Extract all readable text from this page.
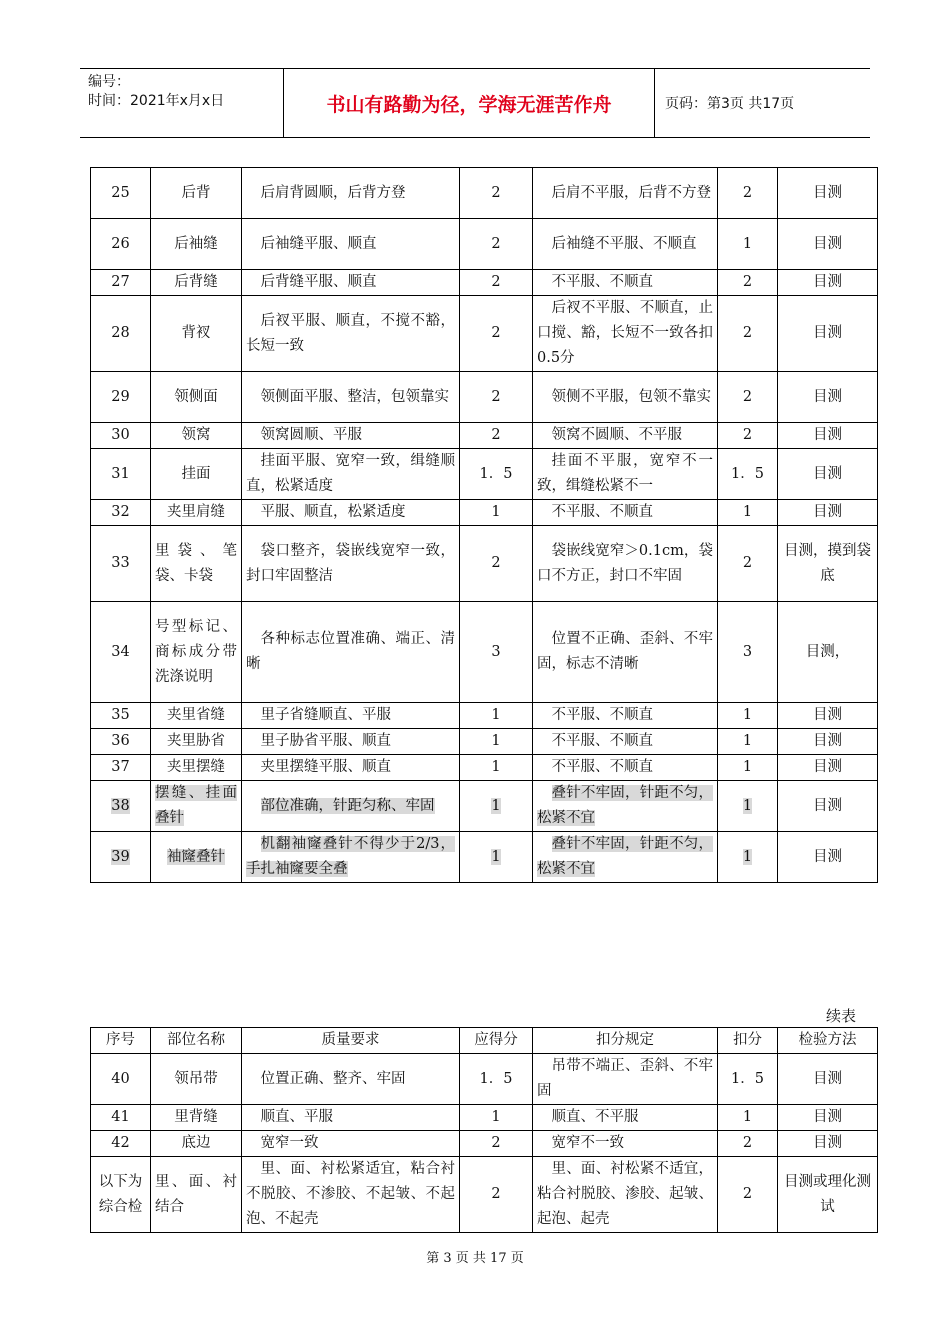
编号：
时间：2021年x月x日	书山有路勤为径，学海无涯苦作舟	页码：第3页 共17页
25	后背	后肩背圆顺，后背方登	2	后肩不平服，后背不方登	2	目测
26	后袖缝	后袖缝平服、顺直	2	后袖缝不平服、不顺直	1	目测
27	后背缝	后背缝平服、顺直	2	不平服、不顺直	2	目测
28	背衩	后衩平服、顺直，不搅不豁，长短一致	2	后衩不平服、不顺直，止口搅、豁，长短不一致各扣0.5分	2	目测
29	领侧面	领侧面平服、整洁，包领靠实	2	领侧不平服，包领不靠实	2	目测
30	领窝	领窝圆顺、平服	2	领窝不圆顺、不平服	2	目测
31	挂面	挂面平服、宽窄一致，缉缝顺直，松紧适度	1．5	挂面不平服，宽窄不一致，缉缝松紧不一	1．5	目测
32	夹里肩缝	平服、顺直，松紧适度	1	不平服、不顺直	1	目测
33	里袋、笔袋、卡袋	袋口整齐，袋嵌线宽窄一致，封口牢固整洁	2	袋嵌线宽窄＞0.1cm，袋口不方正，封口不牢固	2	目测，摸到袋底
34	号型标记、商标成分带洗涤说明	各种标志位置准确、端正、清晰	3	位置不正确、歪斜、不牢固，标志不清晰	3	目测，
35	夹里省缝	里子省缝顺直、平服	1	不平服、不顺直	1	目测
36	夹里胁省	里子胁省平服、顺直	1	不平服、不顺直	1	目测
37	夹里摆缝	夹里摆缝平服、顺直	1	不平服、不顺直	1	目测
38	摆缝、挂面叠针	部位准确，针距匀称、牢固	1	叠针不牢固，针距不匀，松紧不宜	1	目测
39	袖窿叠针	机翻袖窿叠针不得少于2/3，手扎袖窿要全叠	1	叠针不牢固，针距不匀，松紧不宜	1	目测
续表
序号	部位名称	质量要求	应得分	扣分规定	扣分	检验方法
40	领吊带	位置正确、整齐、牢固	1．5	吊带不端正、歪斜、不牢固	1．5	目测
41	里背缝	顺直、平服	1	顺直、不平服	1	目测
42	底边	宽窄一致	2	宽窄不一致	2	目测
以下为综合检	里、面、衬结合	里、面、衬松紧适宜，粘合衬不脱胶、不渗胶、不起皱、不起泡、不起壳	2	里、面、衬松紧不适宜，粘合衬脱胶、渗胶、起皱、起泡、起壳	2	目测或理化测试
第 3 页 共 17 页
